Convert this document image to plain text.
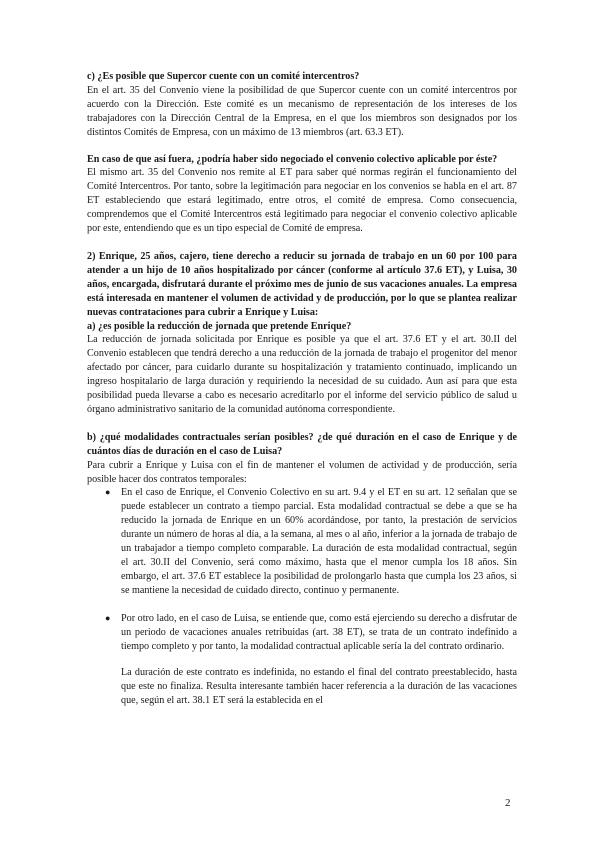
c) ¿Es posible que Supercor cuente con un comité intercentros?

En el art. 35 del Convenio viene la posibilidad de que Supercor cuente con un comité intercentros por acuerdo con la Dirección. Este comité es un mecanismo de representación de los intereses de los trabajadores con la Dirección Central de la Empresa, en el que los miembros son designados por los distintos Comités de Empresa, con un máximo de 13 miembros (art. 63.3 ET).

En caso de que así fuera, ¿podría haber sido negociado el convenio colectivo aplicable por éste?

El mismo art. 35 del Convenio nos remite al ET para saber qué normas regirán el funcionamiento del Comité Intercentros. Por tanto, sobre la legitimación para negociar en los convenios se habla en el art. 87 ET estableciendo que estará legitimado, entre otros, el comité de empresa. Como consecuencia, comprendemos que el Comité Intercentros está legitimado para negociar el convenio colectivo aplicable por este, entendiendo que es un tipo especial de Comité de empresa.

2) Enrique, 25 años, cajero, tiene derecho a reducir su jornada de trabajo en un 60 por 100 para atender a un hijo de 10 años hospitalizado por cáncer (conforme al artículo 37.6 ET), y Luisa, 30 años, encargada, disfrutará durante el próximo mes de junio de sus vacaciones anuales. La empresa está interesada en mantener el volumen de actividad y de producción, por lo que se plantea realizar nuevas contrataciones para cubrir a Enrique y Luisa:

a) ¿es posible la reducción de jornada que pretende Enrique?

La reducción de jornada solicitada por Enrique es posible ya que el art. 37.6 ET y el art. 30.II del Convenio establecen que tendrá derecho a una reducción de la jornada de trabajo el progenitor del menor afectado por cáncer, para cuidarlo durante su hospitalización y tratamiento continuado, implicando un ingreso hospitalario de larga duración y requiriendo la necesidad de su cuidado. Aun así para que esta posibilidad pueda llevarse a cabo es necesario acreditarlo por el informe del servicio público de salud u órgano administrativo sanitario de la comunidad autónoma correspondiente.

b) ¿qué modalidades contractuales serían posibles? ¿de qué duración en el caso de Enrique y de cuántos días de duración en el caso de Luisa?

Para cubrir a Enrique y Luisa con el fin de mantener el volumen de actividad y de producción, sería posible hacer dos contratos temporales:

● En el caso de Enrique, el Convenio Colectivo en su art. 9.4 y el ET en su art. 12 señalan que se puede establecer un contrato a tiempo parcial. Esta modalidad contractual se debe a que se ha reducido la jornada de Enrique en un 60% acordándose, por tanto, la prestación de servicios durante un número de horas al día, a la semana, al mes o al año, inferior a la jornada de trabajo de un trabajador a tiempo completo comparable. La duración de esta modalidad contractual, según el art. 30.II del Convenio, será como máximo, hasta que el menor cumpla los 18 años. Sin embargo, el art. 37.6 ET establece la posibilidad de prolongarlo hasta que cumpla los 23 años, si se mantiene la necesidad de cuidado directo, continuo y permanente.

● Por otro lado, en el caso de Luisa, se entiende que, como está ejerciendo su derecho a disfrutar de un periodo de vacaciones anuales retribuidas (art. 38 ET), se trata de un contrato indefinido a tiempo completo y por tanto, la modalidad contractual aplicable sería la del contrato ordinario.

La duración de este contrato es indefinida, no estando el final del contrato preestablecido, hasta que este no finaliza. Resulta interesante también hacer referencia a la duración de las vacaciones que, según el art. 38.1 ET será la establecida en el

2
